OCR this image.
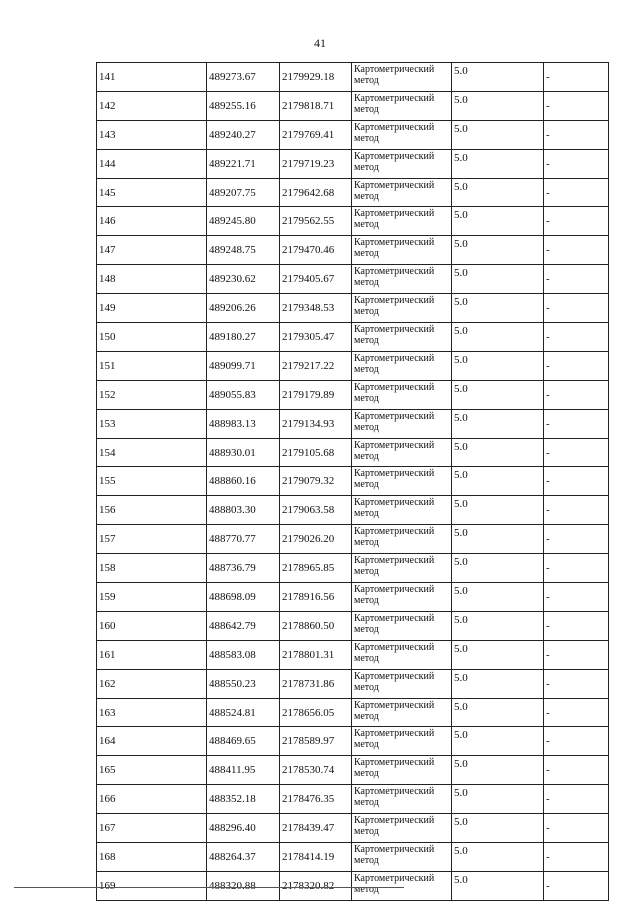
41
141	489273.67	2179929.18	Картометрический метод	5.0	-
142	489255.16	2179818.71	Картометрический метод	5.0	-
143	489240.27	2179769.41	Картометрический метод	5.0	-
144	489221.71	2179719.23	Картометрический метод	5.0	-
145	489207.75	2179642.68	Картометрический метод	5.0	-
146	489245.80	2179562.55	Картометрический метод	5.0	-
147	489248.75	2179470.46	Картометрический метод	5.0	-
148	489230.62	2179405.67	Картометрический метод	5.0	-
149	489206.26	2179348.53	Картометрический метод	5.0	-
150	489180.27	2179305.47	Картометрический метод	5.0	-
151	489099.71	2179217.22	Картометрический метод	5.0	-
152	489055.83	2179179.89	Картометрический метод	5.0	-
153	488983.13	2179134.93	Картометрический метод	5.0	-
154	488930.01	2179105.68	Картометрический метод	5.0	-
155	488860.16	2179079.32	Картометрический метод	5.0	-
156	488803.30	2179063.58	Картометрический метод	5.0	-
157	488770.77	2179026.20	Картометрический метод	5.0	-
158	488736.79	2178965.85	Картометрический метод	5.0	-
159	488698.09	2178916.56	Картометрический метод	5.0	-
160	488642.79	2178860.50	Картометрический метод	5.0	-
161	488583.08	2178801.31	Картометрический метод	5.0	-
162	488550.23	2178731.86	Картометрический метод	5.0	-
163	488524.81	2178656.05	Картометрический метод	5.0	-
164	488469.65	2178589.97	Картометрический метод	5.0	-
165	488411.95	2178530.74	Картометрический метод	5.0	-
166	488352.18	2178476.35	Картометрический метод	5.0	-
167	488296.40	2178439.47	Картометрический метод	5.0	-
168	488264.37	2178414.19	Картометрический метод	5.0	-
169	488320.88	2178320.82	Картометрический метод	5.0	-
